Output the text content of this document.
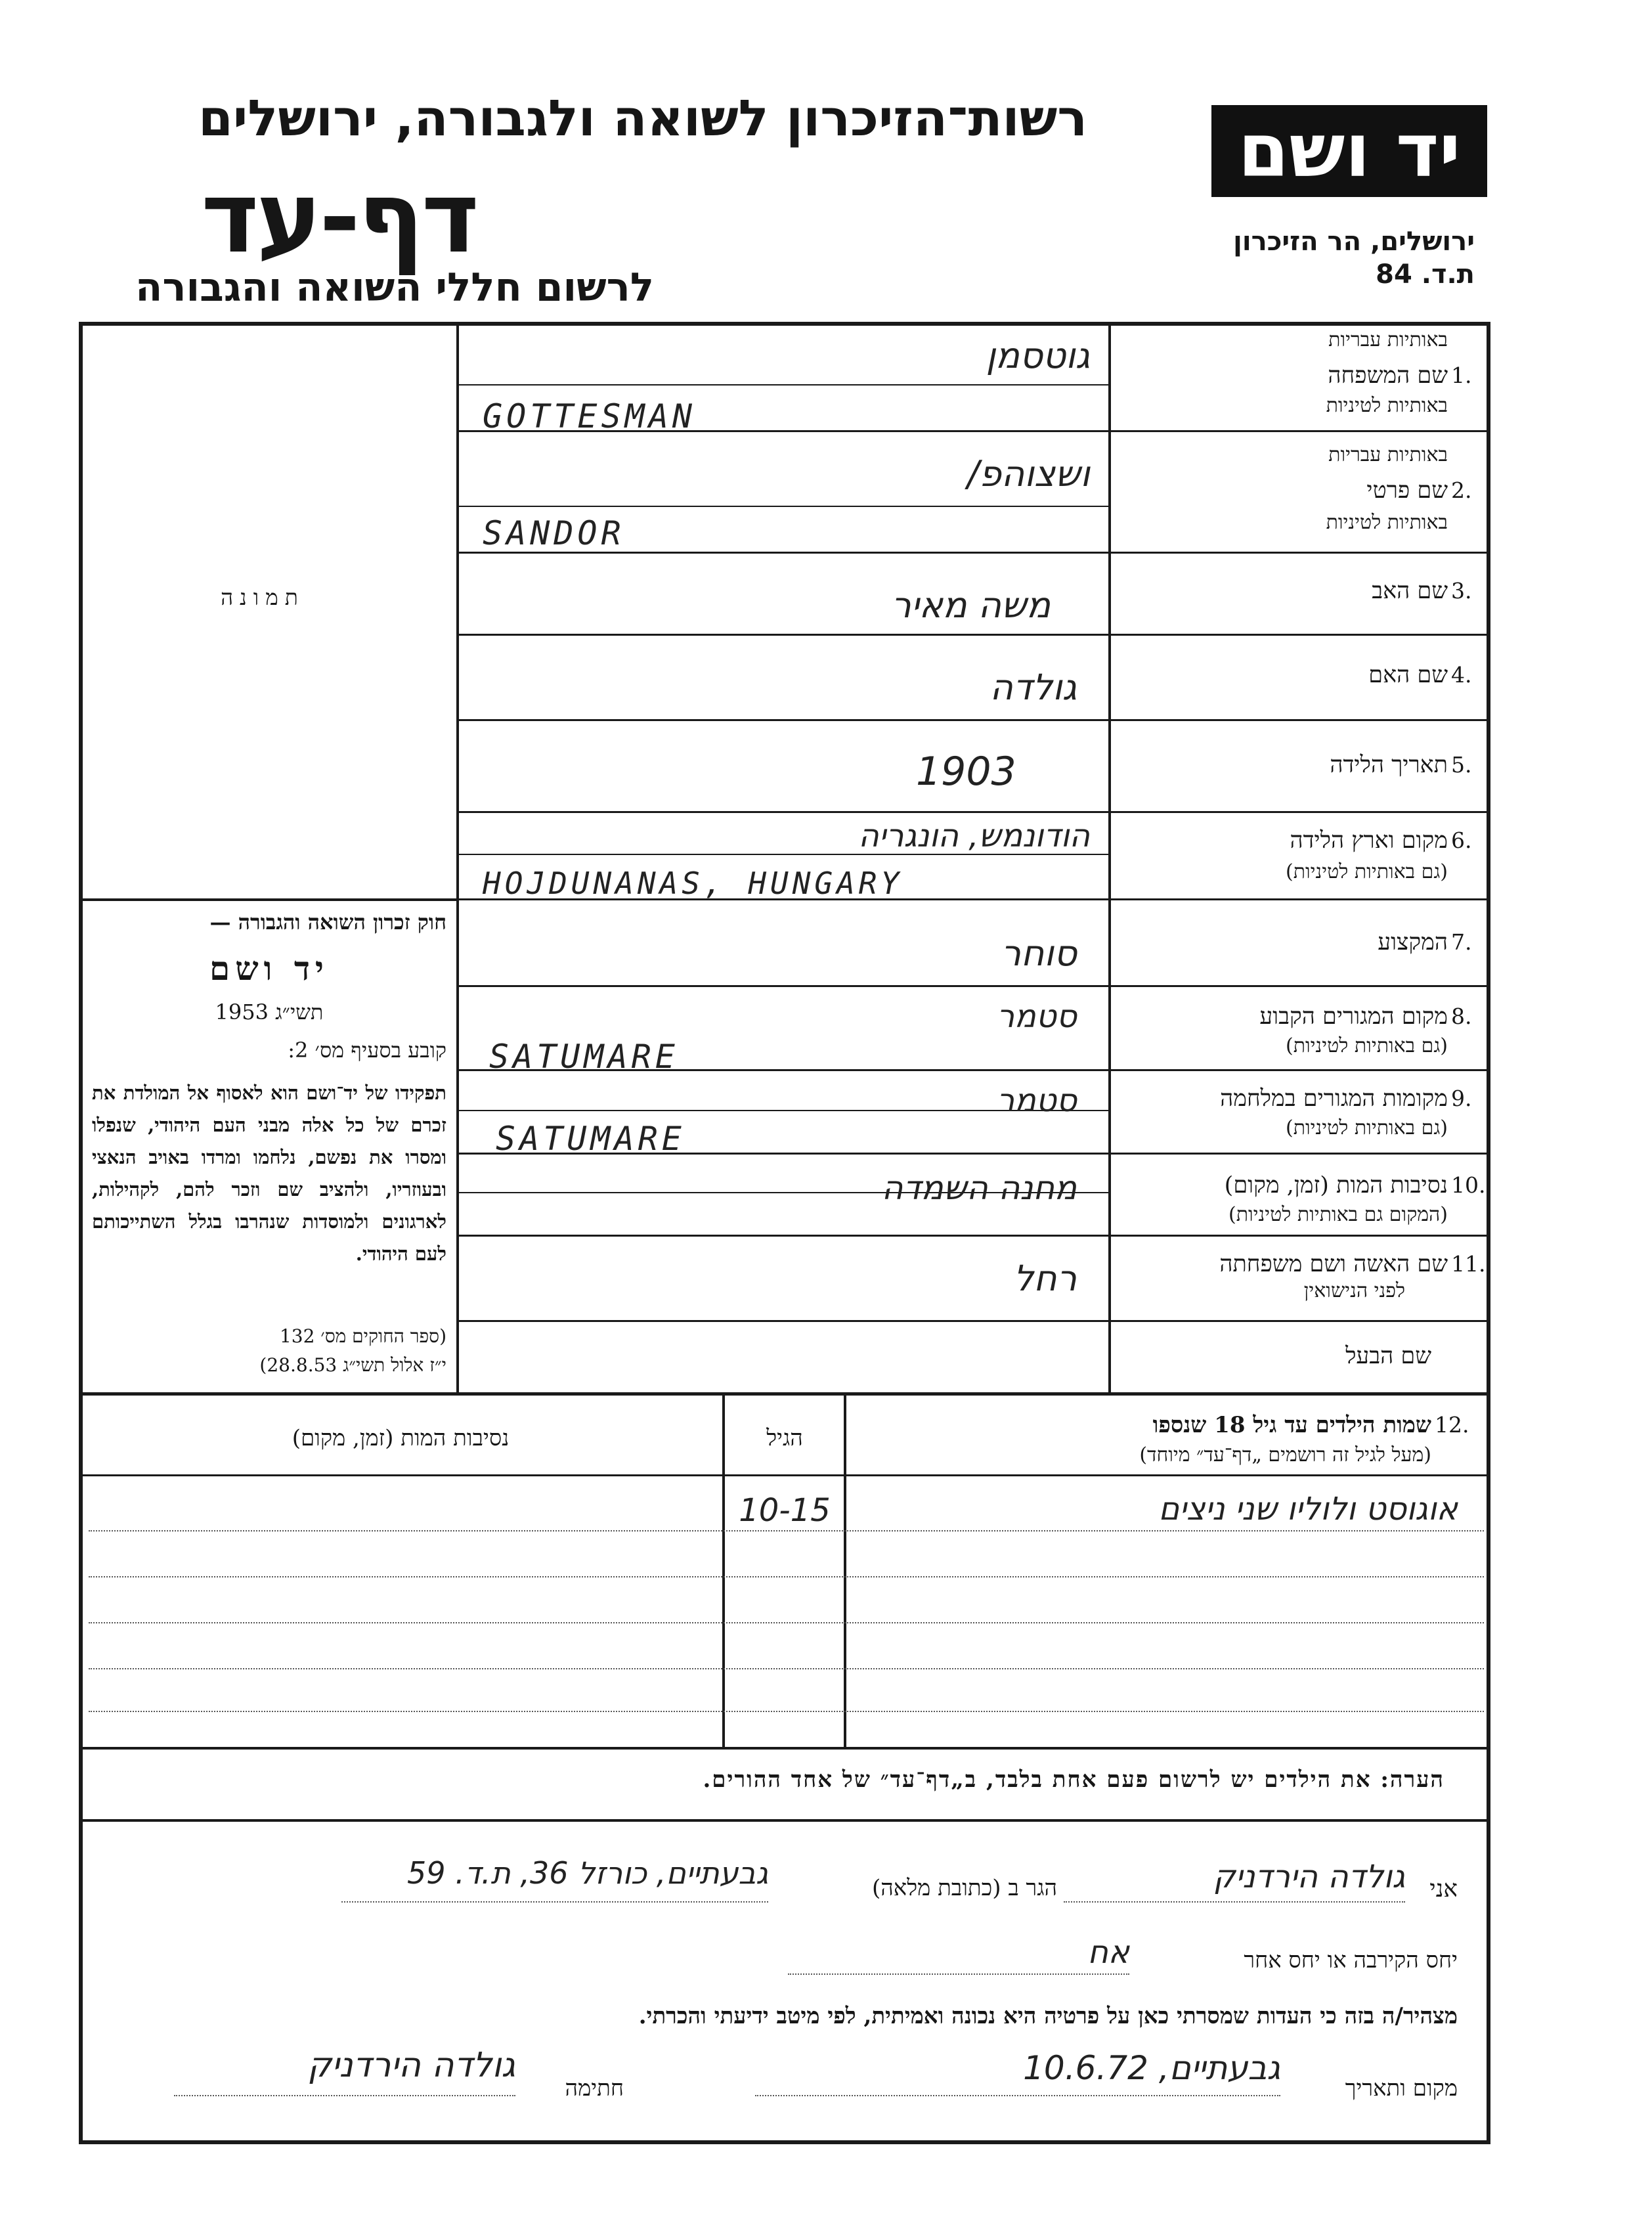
רשות־הזיכרון לשואה ולגבורה, ירושלים
דף-עד
לרשום חללי השואה והגבורה
יד ושם
ירושלים, הר הזיכרון
ת.ד. 84
תמונה
חוק זכרון השואה והגבורה —
יד ושם
תשי״ג 1953
קובע בסעיף מס׳ 2:
תפקידו של יד־ושם הוא לאסוף אל המולדת את זכרם של כל אלה מבני העם היהודי, שנפלו ומסרו את נפשם, נלחמו ומרדו באויב הנאצי ובעוזריו, ולהציב שם וזכר להם, לקהילות, לארגונים ולמוסדות שנהרבו בגלל השתייכותם לעם היהודי.
(ספר החוקים מס׳ 132
י״ז אלול תשי״ג 28.8.53)
1.
שם המשפחה
באותיות עבריות
באותיות לטיניות
גוטסמן
GOTTESMAN
2.
שם פרטי
באותיות עבריות
באותיות לטיניות
ושצוהפ/
SANDOR
3.
שם האב
משה מאיר
4.
שם האם
גולדה
5.
תאריך הלידה
1903
6.
מקום וארץ הלידה
(גם באותיות לטיניות)
הודונמש, הונגריה
HOJDUNANAS, HUNGARY
7.
המקצוע
סוחר
8.
מקום המגורים הקבוע
(גם באותיות לטיניות)
סטמר
SATUMARE
9.
מקומות המגורים במלחמה
(גם באותיות לטיניות)
סטמר
SATUMARE
10.
נסיבות המות (זמן, מקום)
(המקום גם באותיות לטיניות)
מחנה השמדה
11.
שם האשה ושם משפחתה
לפני הנישואין
רחל
שם הבעל
12.
שמות הילדים עד גיל 18 שנספו
(מעל לגיל זה רושמים „דף־עד״ מיוחד)
הגיל
נסיבות המות (זמן, מקום)
אוגוסט ולוליו שני ניצים
10-15
הערה: את הילדים יש לרשום פעם אחת בלבד, ב„דף־עד״ של אחד ההורים.
אני
גולדה הירדניק
הגר ב (כתובת מלאה)
גבעתיים, כורזל 36, ת.ד. 59
יחס הקירבה או יחס אחר
אח
מצהיר/ה בזה כי העדות שמסרתי כאן על פרטיה היא נכונה ואמיתית, לפי מיטב ידיעתי והכרתי.
מקום ותאריך
גבעתיים, 10.6.72
חתימה
גולדה הירדניק
